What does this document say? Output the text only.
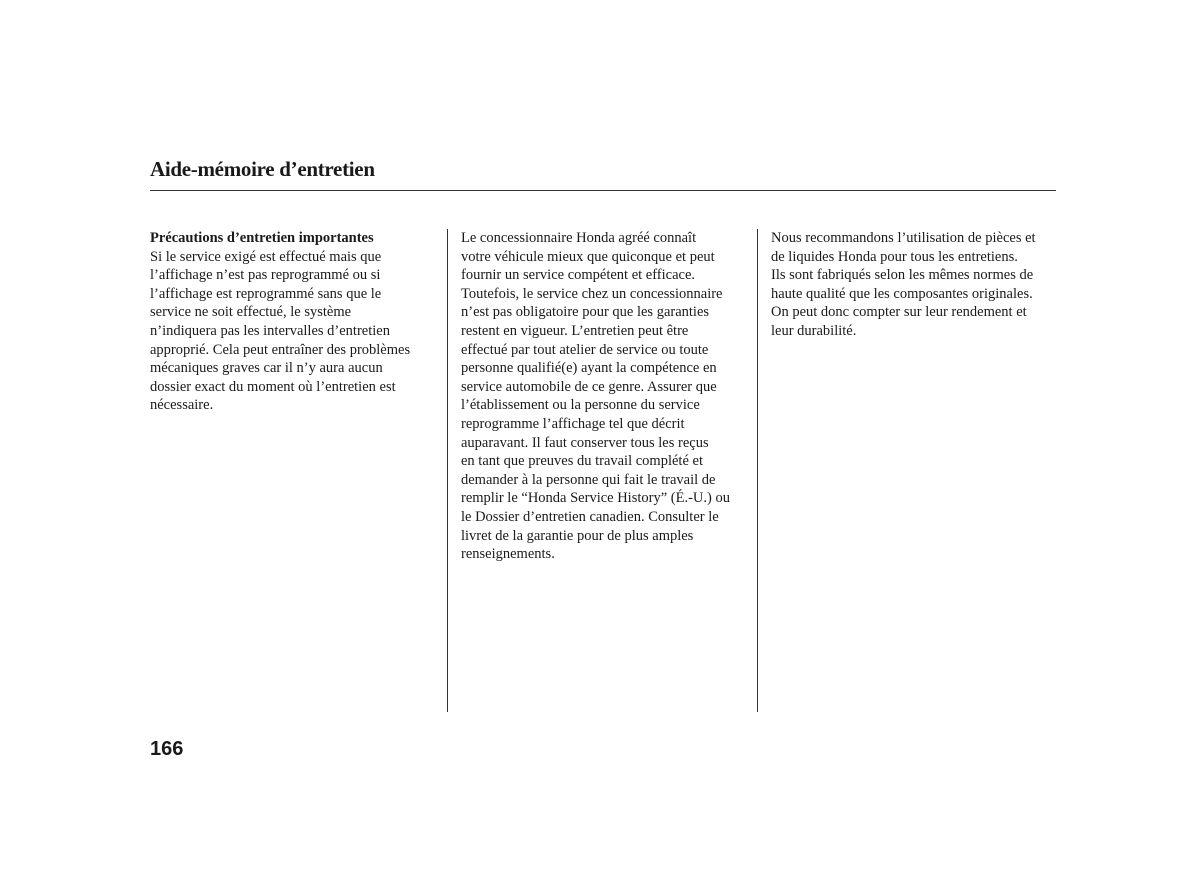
Aide-mémoire d’entretien

Précautions d’entretien importantes

Si le service exigé est effectué mais que
l’affichage n’est pas reprogrammé ou si
l’affichage est reprogrammé sans que le
service ne soit effectué, le système
n’indiquera pas les intervalles d’entretien
approprié. Cela peut entraîner des problèmes
mécaniques graves car il n’y aura aucun
dossier exact du moment où l’entretien est
nécessaire.

Le concessionnaire Honda agréé connaît
votre véhicule mieux que quiconque et peut
fournir un service compétent et efficace.
Toutefois, le service chez un concessionnaire
n’est pas obligatoire pour que les garanties
restent en vigueur. L’entretien peut être
effectué par tout atelier de service ou toute
personne qualifié(e) ayant la compétence en
service automobile de ce genre. Assurer que
l’établissement ou la personne du service
reprogramme l’affichage tel que décrit
auparavant. Il faut conserver tous les reçus
en tant que preuves du travail complété et
demander à la personne qui fait le travail de
remplir le “Honda Service History” (É.-U.) ou
le Dossier d’entretien canadien. Consulter le
livret de la garantie pour de plus amples
renseignements.

Nous recommandons l’utilisation de pièces et
de liquides Honda pour tous les entretiens.
Ils sont fabriqués selon les mêmes normes de
haute qualité que les composantes originales.
On peut donc compter sur leur rendement et
leur durabilité.

166
